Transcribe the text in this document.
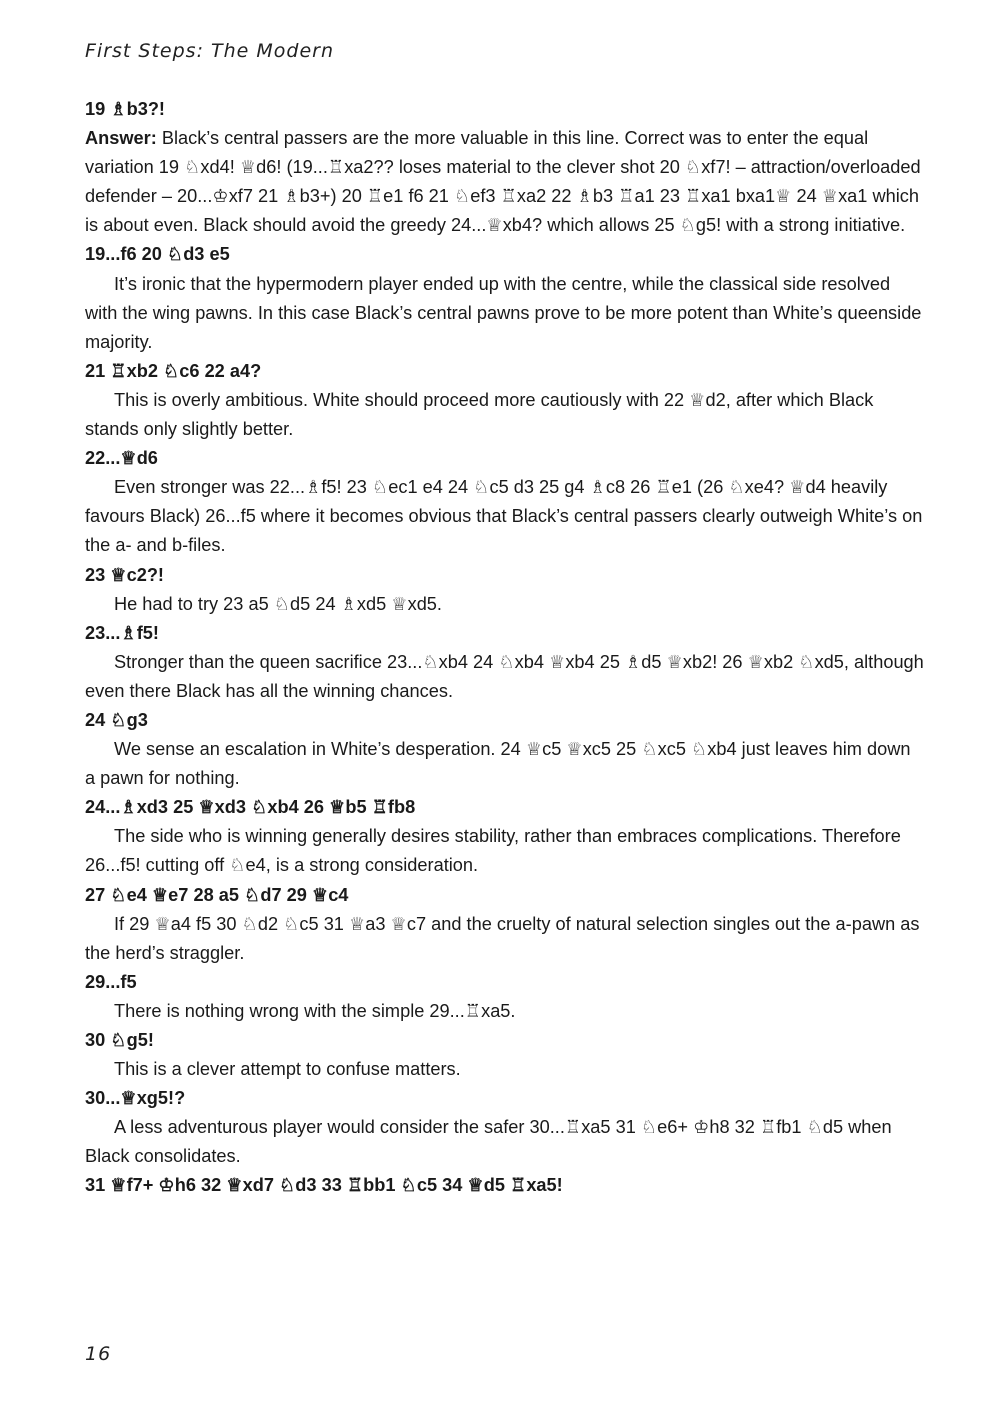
First Steps: The Modern

19 ♗b3?!

Answer: Black’s central passers are the more valuable in this line. Correct was to enter the equal variation 19 ♘xd4! ♕d6! (19...♖xa2?? loses material to the clever shot 20 ♘xf7! – attraction/overloaded defender – 20...♔xf7 21 ♗b3+) 20 ♖e1 f6 21 ♘ef3 ♖xa2 22 ♗b3 ♖a1 23 ♖xa1 bxa1♕ 24 ♕xa1 which is about even. Black should avoid the greedy 24...♕xb4? which allows 25 ♘g5! with a strong initiative.

19...f6 20 ♘d3 e5

It’s ironic that the hypermodern player ended up with the centre, while the classical side resolved with the wing pawns. In this case Black’s central pawns prove to be more potent than White’s queenside majority.

21 ♖xb2 ♘c6 22 a4?

This is overly ambitious. White should proceed more cautiously with 22 ♕d2, after which Black stands only slightly better.

22...♕d6

Even stronger was 22...♗f5! 23 ♘ec1 e4 24 ♘c5 d3 25 g4 ♗c8 26 ♖e1 (26 ♘xe4? ♕d4 heavily favours Black) 26...f5 where it becomes obvious that Black’s central passers clearly outweigh White’s on the a- and b-files.

23 ♕c2?!

He had to try 23 a5 ♘d5 24 ♗xd5 ♕xd5.

23...♗f5!

Stronger than the queen sacrifice 23...♘xb4 24 ♘xb4 ♕xb4 25 ♗d5 ♕xb2! 26 ♕xb2 ♘xd5, although even there Black has all the winning chances.

24 ♘g3

We sense an escalation in White’s desperation. 24 ♕c5 ♕xc5 25 ♘xc5 ♘xb4 just leaves him down a pawn for nothing.

24...♗xd3 25 ♕xd3 ♘xb4 26 ♕b5 ♖fb8

The side who is winning generally desires stability, rather than embraces complications. Therefore 26...f5! cutting off ♘e4, is a strong consideration.

27 ♘e4 ♕e7 28 a5 ♘d7 29 ♕c4

If 29 ♕a4 f5 30 ♘d2 ♘c5 31 ♕a3 ♕c7 and the cruelty of natural selection singles out the a-pawn as the herd’s straggler.

29...f5

There is nothing wrong with the simple 29...♖xa5.

30 ♘g5!

This is a clever attempt to confuse matters.

30...♕xg5!?

A less adventurous player would consider the safer 30...♖xa5 31 ♘e6+ ♔h8 32 ♖fb1 ♘d5 when Black consolidates.

31 ♕f7+ ♔h6 32 ♕xd7 ♘d3 33 ♖bb1 ♘c5 34 ♕d5 ♖xa5!

16
